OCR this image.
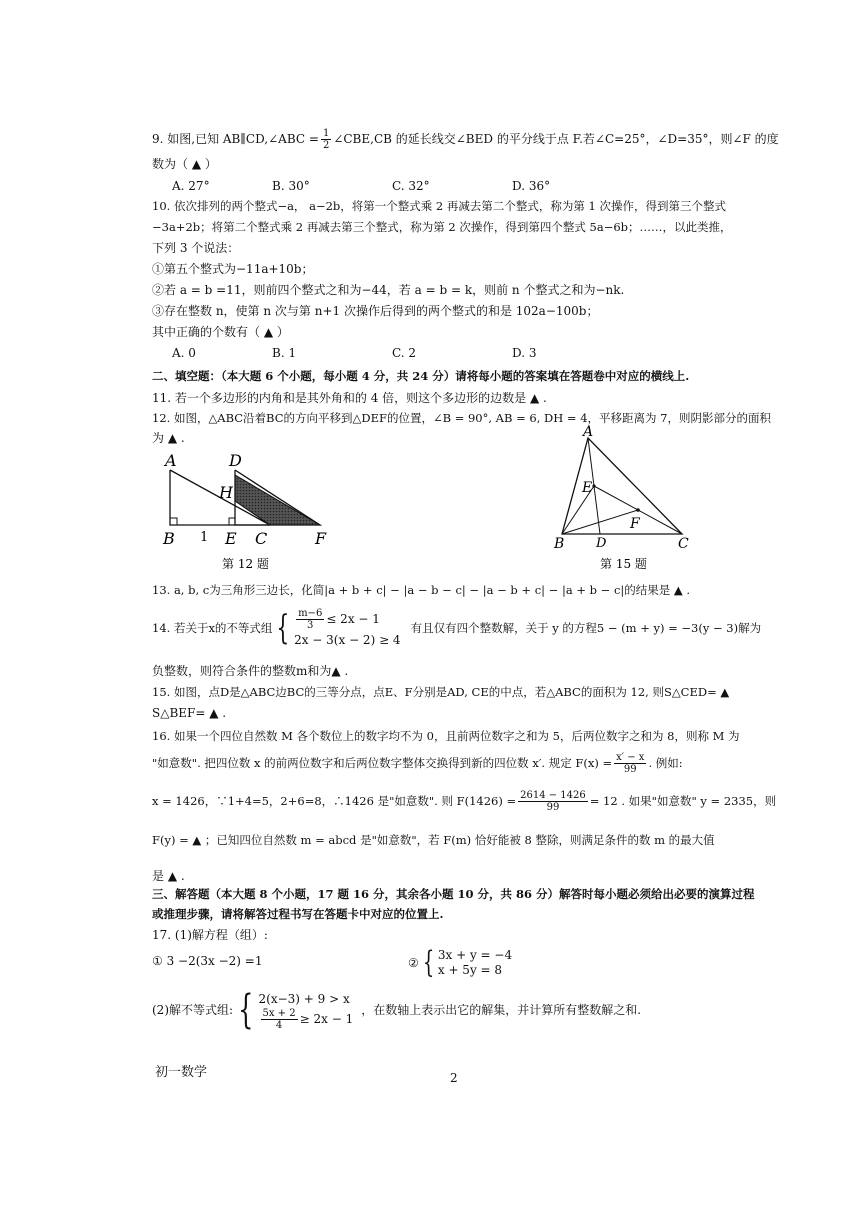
9. 如图,已知 AB∥CD,∠ABC = $\frac{1}{2}$ ∠CBE,CB 的延长线交∠BED 的平分线于点 F.若∠C=25°，∠D=35°，则∠F 的度
数为（ ▲ ）
A. 27°	B. 30°	C. 32°	D. 36°
10. 依次排列的两个整式−a， a−2b，将第一个整式乘 2 再减去第二个整式，称为第 1 次操作，得到第三个整式
−3a+2b；将第二个整式乘 2 再减去第三个整式，称为第 2 次操作，得到第四个整式 5a−6b；……，以此类推，
下列 3 个说法：
①第五个整式为−11a+10b；
②若 a = b =11，则前四个整式之和为−44，若 a = b = k，则前 n 个整式之和为−nk.
③存在整数 n，使第 n 次与第 n+1 次操作后得到的两个整式的和是 102a−100b；
其中正确的个数有（ ▲ ）
A. 0	B. 1	C. 2	D. 3
二、填空题：（本大题 6 个小题，每小题 4 分，共 24 分）请将每小题的答案填在答题卷中对应的横线上.
11. 若一个多边形的内角和是其外角和的 4 倍，则这个多边形的边数是 ▲ .
12. 如图，△ABC沿着BC的方向平移到△DEF的位置，∠B = 90°, AB = 6, DH = 4，平移距离为 7，则阴影部分的面积
为 ▲ .
A	D
H
B 1 E C	F
第 12 题
A
E
F
B D	C
第 15 题
13. a, b, c为三角形三边长，化简|a + b + c| − |a − b − c| − |a − b + c| − |a + b − c|的结果是 ▲ .
14. 若关于x的不等式组 { $\frac{m-6}{3} \le 2x - 1$
2x − 3(x − 2) ≥ 4
有且仅有四个整数解，关于 y 的方程5 − (m + y) = −3(y − 3)解为
负整数，则符合条件的整数m和为▲ .
15. 如图，点D是△ABC边BC的三等分点，点E、F分别是AD, CE的中点，若△ABC的面积为 12, 则S△CED= ▲
S△BEF= ▲ .
16. 如果一个四位自然数 M 各个数位上的数字均不为 0，且前两位数字之和为 5，后两位数字之和为 8，则称 M 为
"如意数". 把四位数 x 的前两位数字和后两位数字整体交换得到新的四位数 x′. 规定 $F(x) = \frac{x' - x}{99}$ . 例如:
x = 1426，∵1+4=5，2+6=8，∴1426 是"如意数". 则 $F(1426) = \frac{2614 - 1426}{99} = 12$ . 如果"如意数" y = 2335，则
F(y) = ▲ ；已知四位自然数 m = abcd 是"如意数"，若 F(m) 恰好能被 8 整除，则满足条件的数 m 的最大值
是 ▲ .
三、解答题（本大题 8 个小题，17 题 16 分，其余各小题 10 分，共 86 分）解答时每小题必须给出必要的演算过程
或推理步骤，请将解答过程书写在答题卡中对应的位置上.
17. (1)解方程（组）:
① 3 −2(3x −2) =1	② { 3x + y = −4
x + 5y = 8
(2)解不等式组: { 2(x−3) + 9 > x
$\frac{5x + 2}{4} \ge 2x - 1$
，在数轴上表示出它的解集，并计算所有整数解之和.
初一数学	2
